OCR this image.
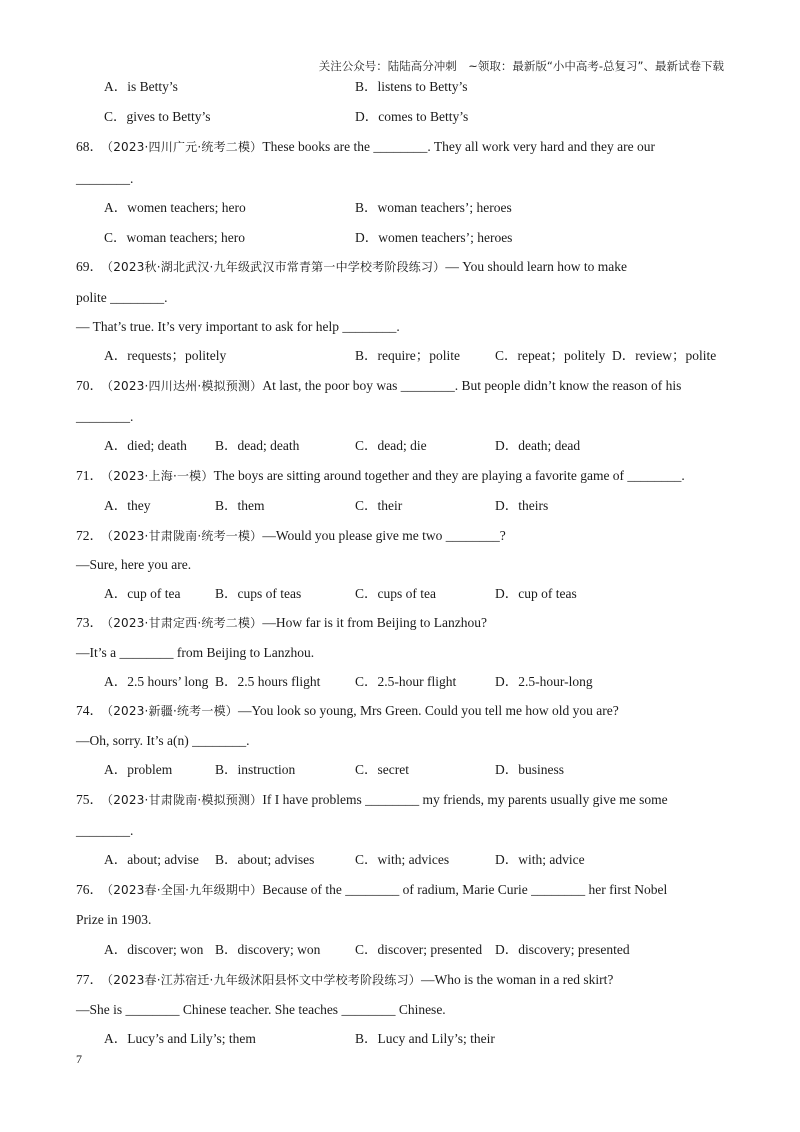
关注公众号：陆陆高分冲刺　~领取：最新版“小中高考-总复习”、最新试卷下载
A．is Betty’s	B．listens to Betty’s
C．gives to Betty’s	D．comes to Betty’s
68． （2023·四川广元·统考二模）These books are the ________. They all work very hard and they are our
________.
A．women teachers; hero	B．woman teachers’; heroes
C．woman teachers; hero	D．women teachers’; heroes
69． （2023秋·湖北武汉·九年级武汉市常青第一中学校考阶段练习）— You should learn how to make
polite ________.
— That’s true. It’s very important to ask for help ________.
A．requests；politely	B．require；polite	C．repeat；politely D．review；polite
70． （2023·四川达州·模拟预测）At last, the poor boy was ________. But people didn’t know the reason of his
________.
A．died; death B．dead; death	C．dead; die	D．death; dead
71． （2023·上海·一模）The boys are sitting around together and they are playing a favorite game of ________.
A．they	B．them	C．their	D．theirs
72． （2023·甘肃陇南·统考一模）—Would you please give me two ________?
—Sure, here you are.
A．cup of tea	B．cups of teas	C．cups of tea	D．cup of teas
73． （2023·甘肃定西·统考二模）—How far is it from Beijing to Lanzhou?
—It’s a ________ from Beijing to Lanzhou.
A．2.5 hours’ long B．2.5 hours flight	C．2.5-hour flight	D．2.5-hour-long
74． （2023·新疆·统考一模）—You look so young, Mrs Green. Could you tell me how old you are?
—Oh, sorry. It’s a(n) ________.
A．problem	B．instruction	C．secret	D．business
75． （2023·甘肃陇南·模拟预测）If I have problems ________ my friends, my parents usually give me some
________.
A．about; advise B．about; advises	C．with; advices	D．with; advice
76． （2023春·全国·九年级期中）Because of the ________ of radium, Marie Curie ________ her first Nobel
Prize in 1903.
A．discover; won B．discovery; won	C．discover; presented D．discovery; presented
77． （2023春·江苏宿迁·九年级沭阳县怀文中学校考阶段练习）—Who is the woman in a red skirt?
—She is ________ Chinese teacher. She teaches ________ Chinese.
A．Lucy’s and Lily’s; them	B．Lucy and Lily’s; their
7
